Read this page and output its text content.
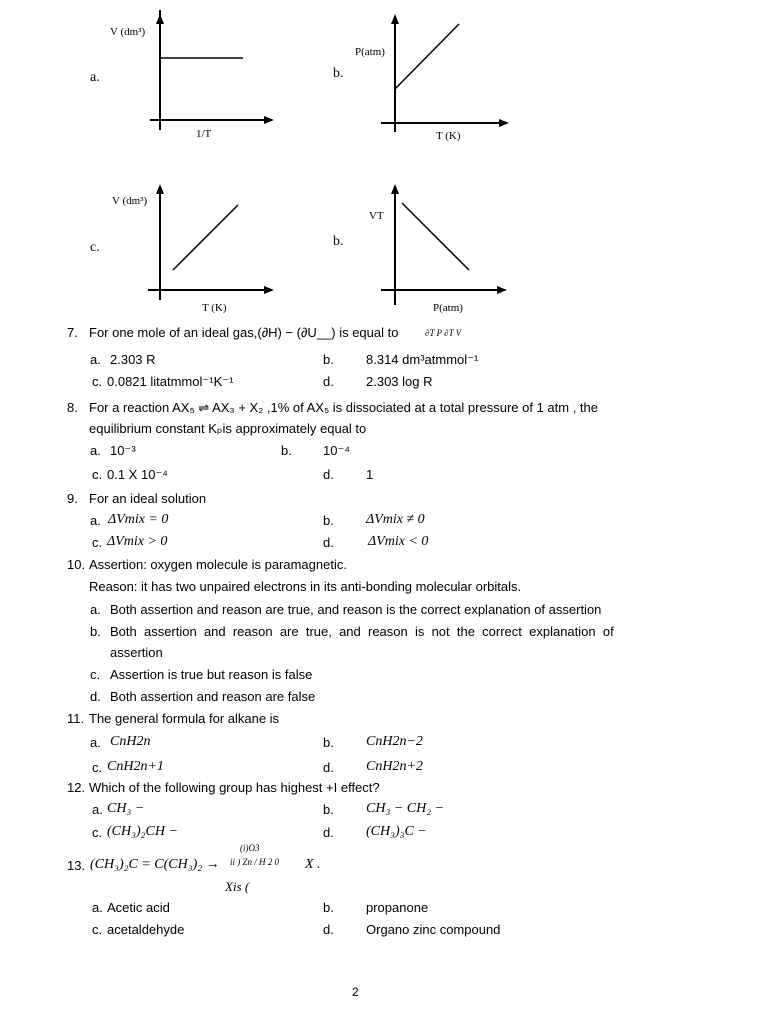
a.
V (dm³)
1/T
b.
P(atm)
T (K)
c.
V (dm³)
T (K)
b.
VT
P(atm)
7. For one mole of an ideal gas,(∂H) − (∂U__) is equal to	∂T P ∂T V
a. 2.303 R	b. 8.314 dm³atmmol⁻¹
c. 0.0821 litatmmol⁻¹K⁻¹	d. 2.303 log R
8. For a reaction AX₅ ⇌ AX₃ + X₂ ,1% of AX₅ is dissociated at a total pressure of 1 atm , the
equilibrium constant Kₚis approximately equal to
a. 10⁻³	b. 10⁻⁴
c. 0.1 X 10⁻⁴	d. 1
9. For an ideal solution
a. ΔVmix = 0	b. ΔVmix ≠ 0
c. ΔVmix > 0	d. ΔVmix < 0
10. Assertion: oxygen molecule is paramagnetic.
Reason: it has two unpaired electrons in its anti-bonding molecular orbitals.
a. Both assertion and reason are true, and reason is the correct explanation of assertion
b. Both  assertion  and  reason  are  true,  and  reason  is  not  the  correct  explanation  of
assertion
c. Assertion is true but reason is false
d. Both assertion and reason are false
11. The general formula for alkane is
a. CnH2n	b. CnH2n−2
c. CnH2n+1	d. CnH2n+2
12. Which of the following group has highest +I effect?
a. CH₃ −	b. CH₃ − CH₂ −
c. (CH₃)₂CH −	d. (CH₃)₃C −
(i)O3
13. (CH₃)₂C = C(CH₃)₂ → ii ) Zn / H 2 0 X .
Xis (
a. Acetic acid	b. propanone
c. acetaldehyde	d. Organo zinc compound
2
